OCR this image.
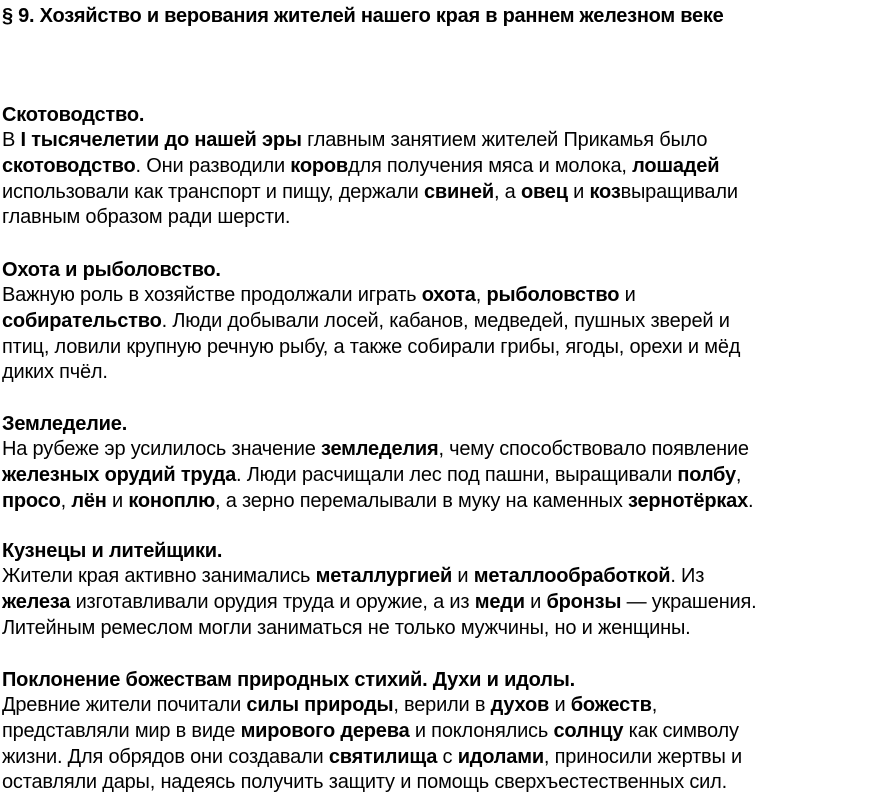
§ 9. Хозяйство и верования жителей нашего края в раннем железном веке
Скотоводство.
В I тысячелетии до нашей эры главным занятием жителей Прикамья было
скотоводство. Они разводили коровдля получения мяса и молока, лошадей
использовали как транспорт и пищу, держали свиней, а овец и козвыращивали
главным образом ради шерсти.
Охота и рыболовство.
Важную роль в хозяйстве продолжали играть охота, рыболовство и
собирательство. Люди добывали лосей, кабанов, медведей, пушных зверей и
птиц, ловили крупную речную рыбу, а также собирали грибы, ягоды, орехи и мёд
диких пчёл.
Земледелие.
На рубеже эр усилилось значение земледелия, чему способствовало появление
железных орудий труда. Люди расчищали лес под пашни, выращивали полбу,
просо, лён и коноплю, а зерно перемалывали в муку на каменных зернотёрках.
Кузнецы и литейщики.
Жители края активно занимались металлургией и металлообработкой. Из
железа изготавливали орудия труда и оружие, а из меди и бронзы — украшения.
Литейным ремеслом могли заниматься не только мужчины, но и женщины.
Поклонение божествам природных стихий. Духи и идолы.
Древние жители почитали силы природы, верили в духов и божеств,
представляли мир в виде мирового дерева и поклонялись солнцу как символу
жизни. Для обрядов они создавали святилища с идолами, приносили жертвы и
оставляли дары, надеясь получить защиту и помощь сверхъестественных сил.
